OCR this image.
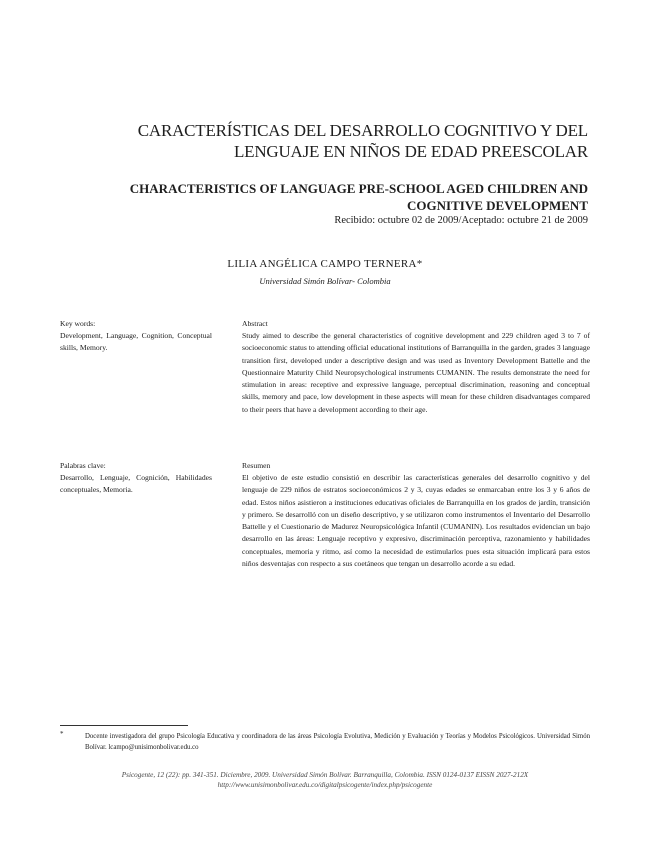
CARACTERÍSTICAS DEL DESARROLLO COGNITIVO Y DEL LENGUAJE EN NIÑOS DE EDAD PREESCOLAR
CHARACTERISTICS OF LANGUAGE PRE-SCHOOL AGED CHILDREN AND COGNITIVE DEVELOPMENT
Recibido: octubre 02 de 2009/Aceptado: octubre 21 de 2009
LILIA ANGÉLICA CAMPO TERNERA*
Universidad Simón Bolívar- Colombia
Key words:
Development, Language, Cognition, Conceptual skills, Memory.
Abstract
Study aimed to describe the general characteristics of cognitive development and 229 children aged 3 to 7 of socioeconomic status to attending official educational institutions of Barranquilla in the garden, grades 3 language transition first, developed under a descriptive design and was used as Inventory Development Battelle and the Questionnaire Maturity Child Neuropsychological instruments CUMANIN. The results demonstrate the need for stimulation in areas: receptive and expressive language, perceptual discrimination, reasoning and conceptual skills, memory and pace, low development in these aspects will mean for these children disadvantages compared to their peers that have a development according to their age.
Palabras clave:
Desarrollo, Lenguaje, Cognición, Habilidades conceptuales, Memoria.
Resumen
El objetivo de este estudio consistió en describir las características generales del desarrollo cognitivo y del lenguaje de 229 niños de estratos socioeconómicos 2 y 3, cuyas edades se enmarcaban entre los 3 y 6 años de edad. Estos niños asistieron a instituciones educativas oficiales de Barranquilla en los grados de jardín, transición y primero. Se desarrolló con un diseño descriptivo, y se utilizaron como instrumentos el Inventario del Desarrollo Battelle y el Cuestionario de Madurez Neuropsicológica Infantil (CUMANIN). Los resultados evidencian un bajo desarrollo en las áreas: Lenguaje receptivo y expresivo, discriminación perceptiva, razonamiento y habilidades conceptuales, memoria y ritmo, así como la necesidad de estimularlos pues esta situación implicará para estos niños desventajas con respecto a sus coetáneos que tengan un desarrollo acorde a su edad.
*	Docente investigadora del grupo Psicología Educativa y coordinadora de las áreas Psicología Evolutiva, Medición y Evaluación y Teorías y Modelos Psicológicos. Universidad Simón Bolívar. lcampo@unisimonbolivar.edu.co
Psicogente, 12 (22): pp. 341-351. Diciembre, 2009. Universidad Simón Bolívar. Barranquilla, Colombia. ISSN 0124-0137 EISSN 2027-212X
http://www.unisimonbolivar.edu.co/digitalpsicogente/index.php/psicogente
